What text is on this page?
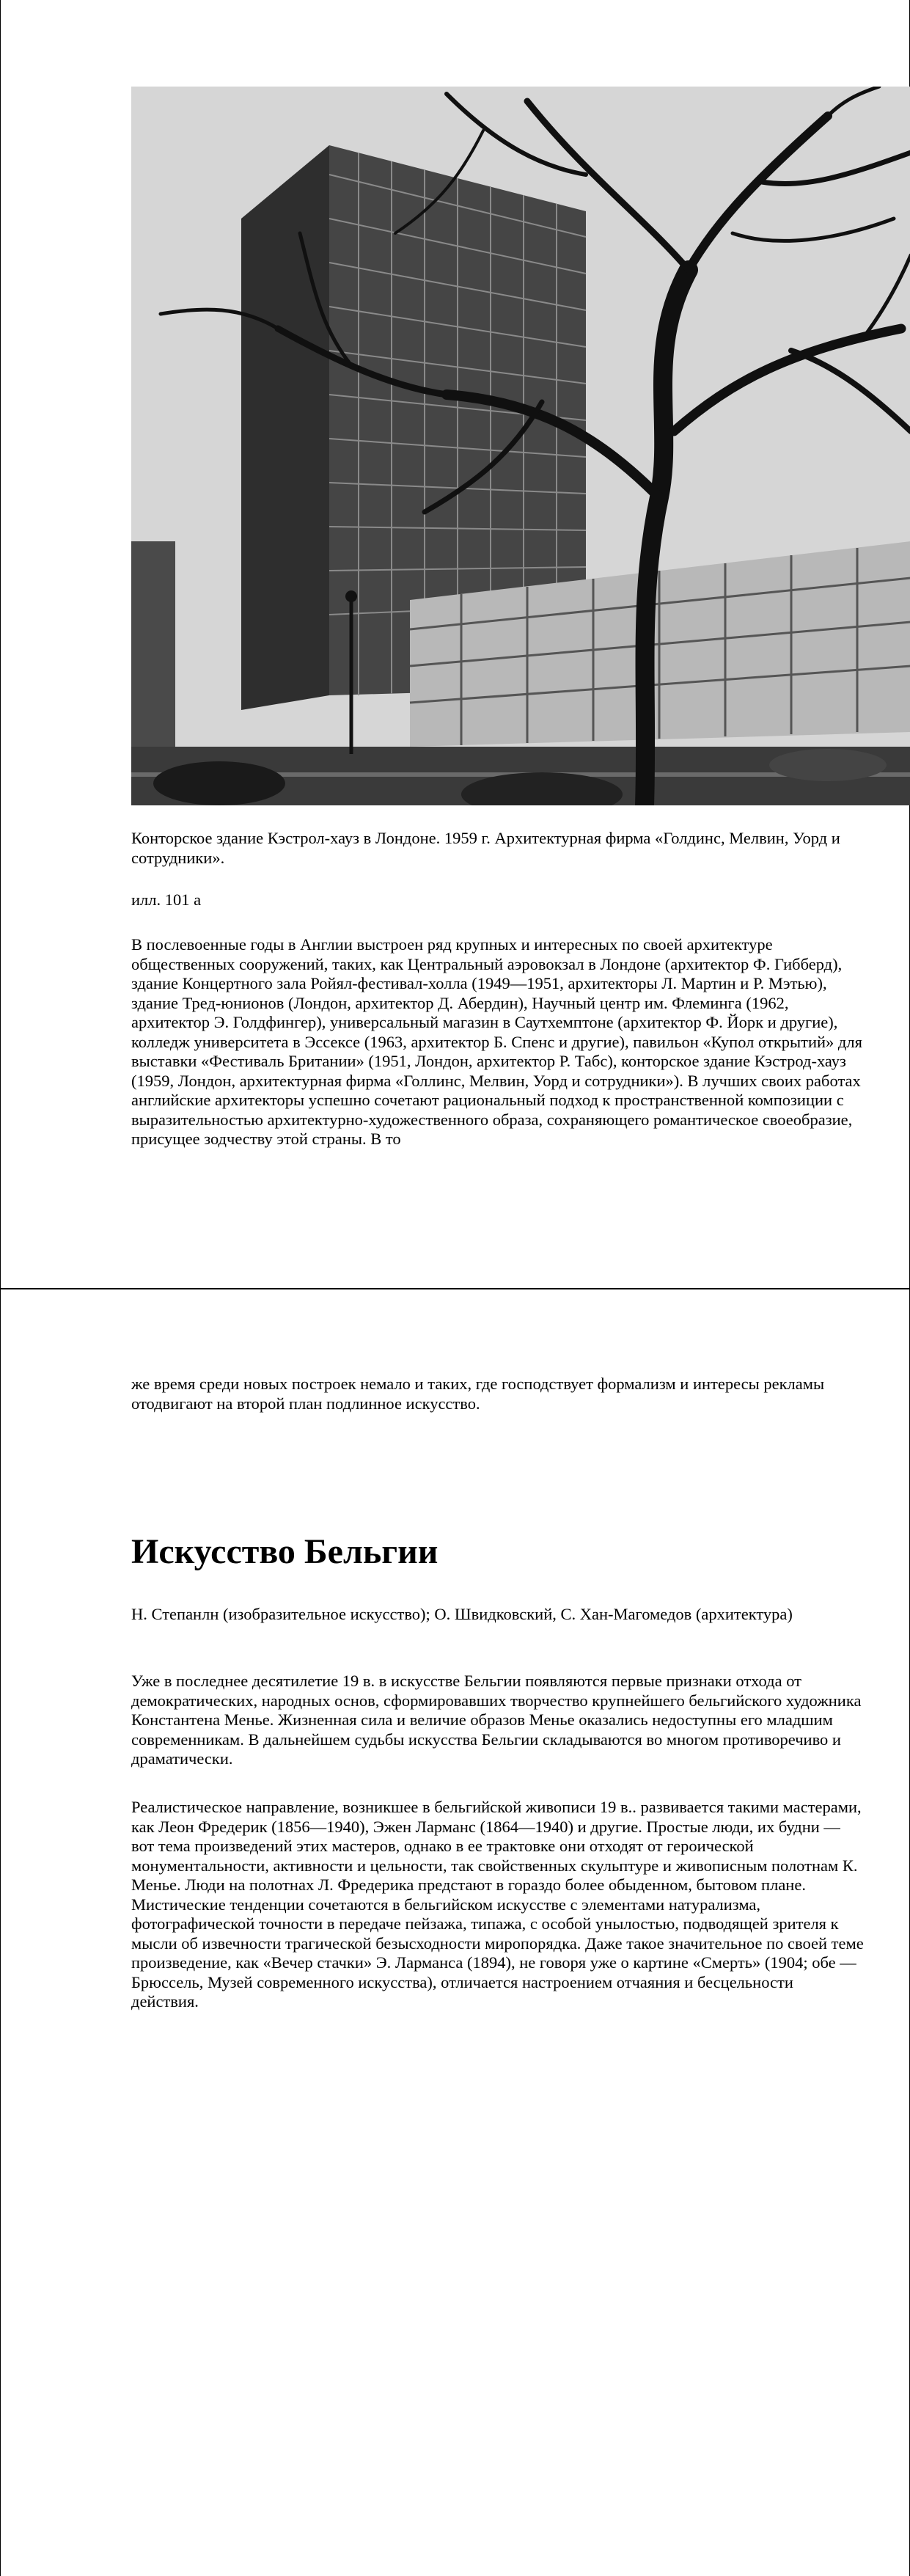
Конторское здание Кэстрол-хауз в Лондоне. 1959 г. Архитектурная фирма «Голдинс, Мелвин, Уорд и сотрудники».

илл. 101 а

В послевоенные годы в Англии выстроен ряд крупных и интересных по своей архитектуре общественных сооружений, таких, как Центральный аэровокзал в Лондоне (архитектор Ф. Гибберд), здание Концертного зала Ройял-фестивал-холла (1949—1951, архитекторы Л. Мартин и Р. Мэтью), здание Тред-юнионов (Лондон, архитектор Д. Абердин), Научный центр им. Флеминга (1962, архитектор Э. Голдфингер), универсальный магазин в Саутхемптоне (архитектор Ф. Йорк и другие), колледж университета в Эссексе (1963, архитектор Б. Спенс и другие), павильон «Купол открытий» для выставки «Фестиваль Британии» (1951, Лондон, архитектор Р. Табс), конторское здание Кэстрод-хауз (1959, Лондон, архитектурная фирма «Голлинс, Мелвин, Уорд и сотрудники»). В лучших своих работах английские архитекторы успешно сочетают рациональный подход к пространственной композиции с выразительностью архитектурно-художественного образа, сохраняющего романтическое своеобразие, присущее зодчеству этой страны. В то

же время среди новых построек немало и таких, где господствует формализм и интересы рекламы отодвигают на второй план подлинное искусство.

Искусство Бельгии

Н. Степанлн (изобразительное искусство); О. Швидковский, С. Хан-Магомедов (архитектура)

Уже в последнее десятилетие 19 в. в искусстве Бельгии появляются первые признаки отхода от демократических, народных основ, сформировавших творчество крупнейшего бельгийского художника Константена Менье. Жизненная сила и величие образов Менье оказались недоступны его младшим современникам. В дальнейшем судьбы искусства Бельгии складываются во многом противоречиво и драматически.

Реалистическое направление, возникшее в бельгийской живописи 19 в.. развивается такими мастерами, как Леон Фредерик (1856—1940), Эжен Ларманс (1864—1940) и другие. Простые люди, их будни — вот тема произведений этих мастеров, однако в ее трактовке они отходят от героической монументальности, активности и цельности, так свойственных скульптуре и живописным полотнам К. Менье. Люди на полотнах Л. Фредерика предстают в гораздо более обыденном, бытовом плане. Мистические тенденции сочетаются в бельгийском искусстве с элементами натурализма, фотографической точности в передаче пейзажа, типажа, с особой унылостью, подводящей зрителя к мысли об извечности трагической безысходности миропорядка. Даже такое значительное по своей теме произведение, как «Вечер стачки» Э. Ларманса (1894), не говоря уже о картине «Смерть» (1904; обе — Брюссель, Музей современного искусства), отличается настроением отчаяния и бесцельности действия.
